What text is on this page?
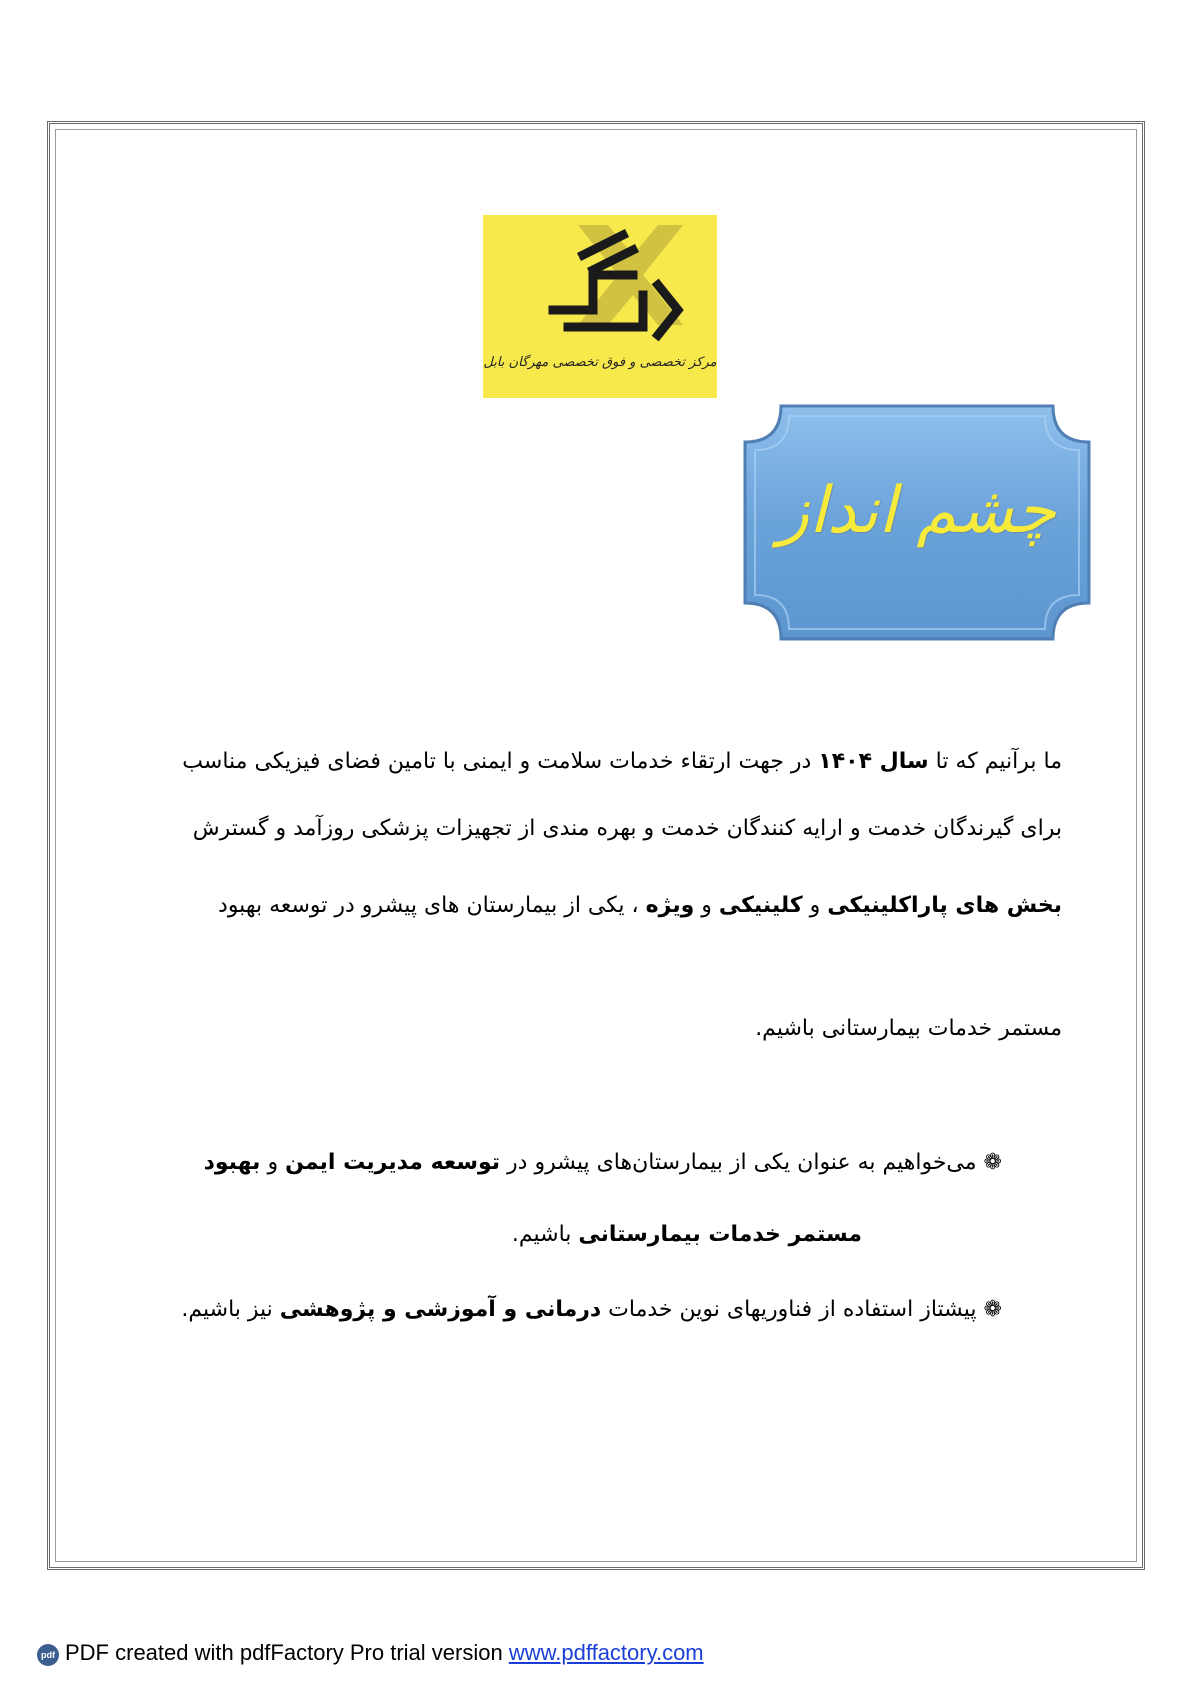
مرکز تخصصی و فوق تخصصی مهرگان بابل
چشم انداز
ما برآنیم که تا سال ۱۴۰۴ در جهت ارتقاء خدمات سلامت و ایمنی با تامین فضای فیزیکی مناسب
برای گیرندگان خدمت و ارایه کنندگان خدمت و بهره مندی از تجهیزات پزشکی روزآمد و گسترش
بخش های پاراکلینیکی و کلینیکی و ویژه ، یکی از بیمارستان های پیشرو در توسعه بهبود
مستمر خدمات بیمارستانی باشیم.
❁ می‌خواهیم به عنوان یکی از بیمارستان‌های پیشرو در توسعه مدیریت ایمن و بهبود
مستمر خدمات بیمارستانی باشیم.
❁ پیشتاز استفاده از فناوریهای نوین خدمات درمانی و آموزشی و پژوهشی نیز باشیم.
pdf PDF created with pdfFactory Pro trial version www.pdffactory.com
